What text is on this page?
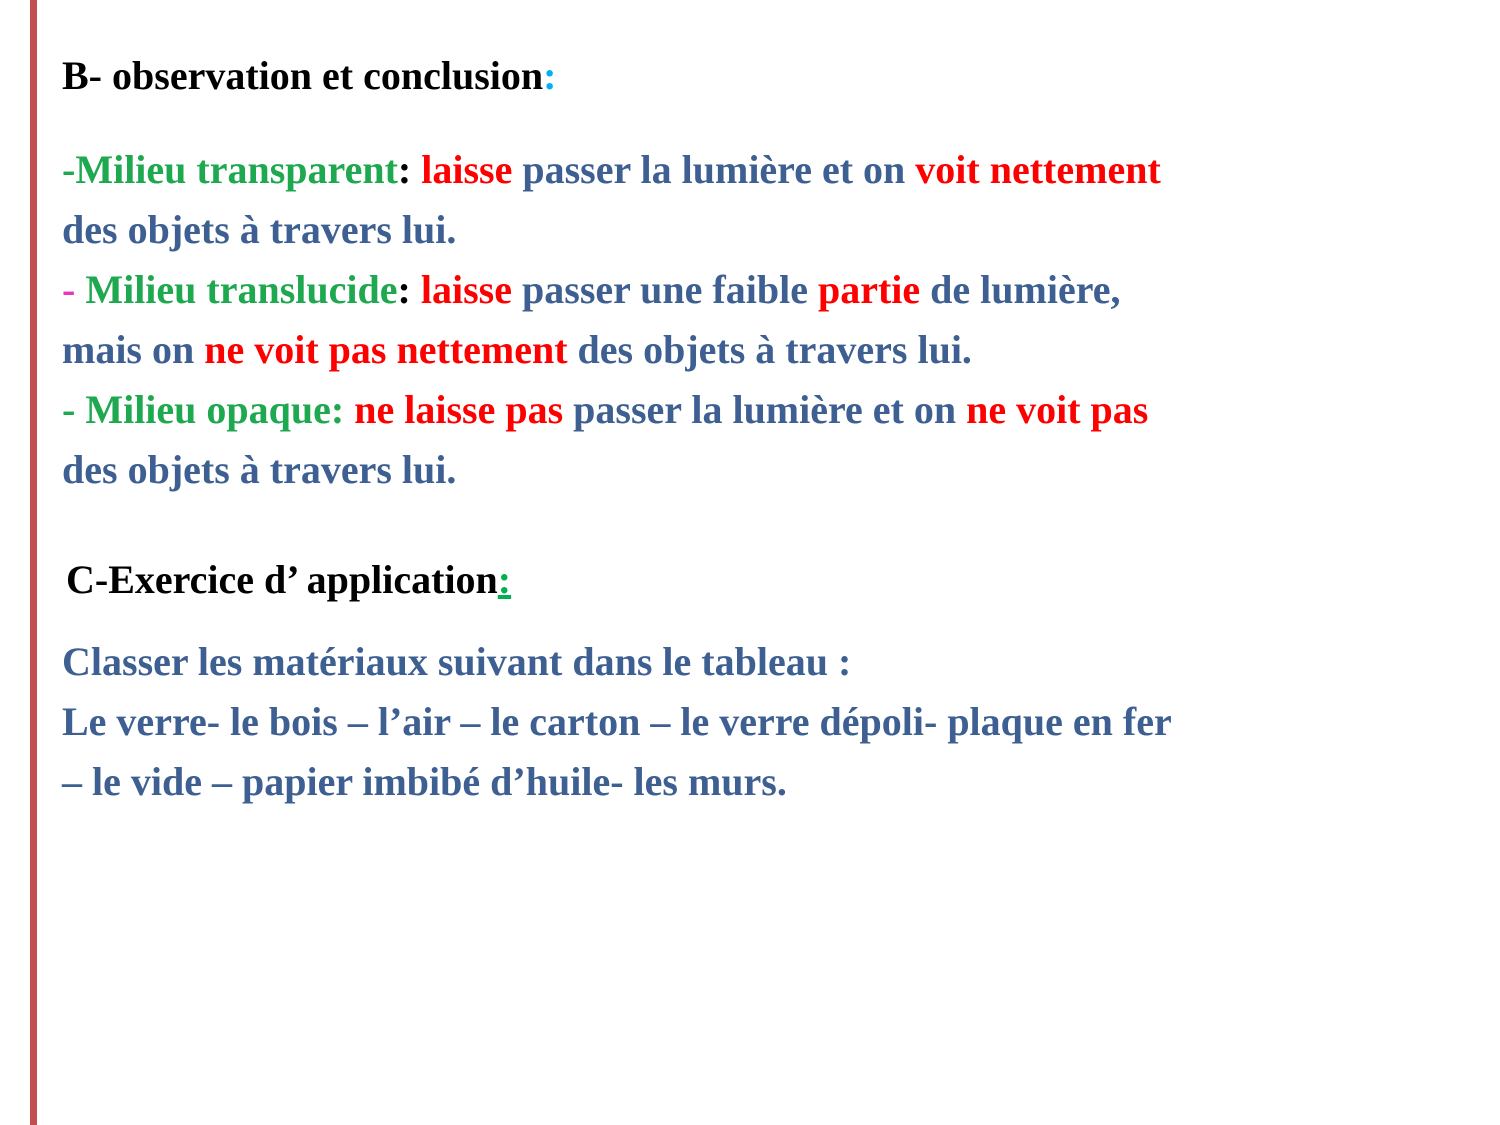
B- observation et conclusion:
-Milieu transparent: laisse passer la lumière et on voit nettement
des objets à travers lui.
- Milieu translucide: laisse passer une faible partie de lumière,
mais on ne voit pas nettement des objets à travers lui.
- Milieu opaque: ne laisse pas passer la lumière et on ne voit pas
des objets à travers lui.
C-Exercice d’ application:
Classer les matériaux suivant dans le tableau :
Le verre- le bois – l’air – le carton – le verre dépoli- plaque en fer
– le vide – papier imbibé d’huile- les murs.
